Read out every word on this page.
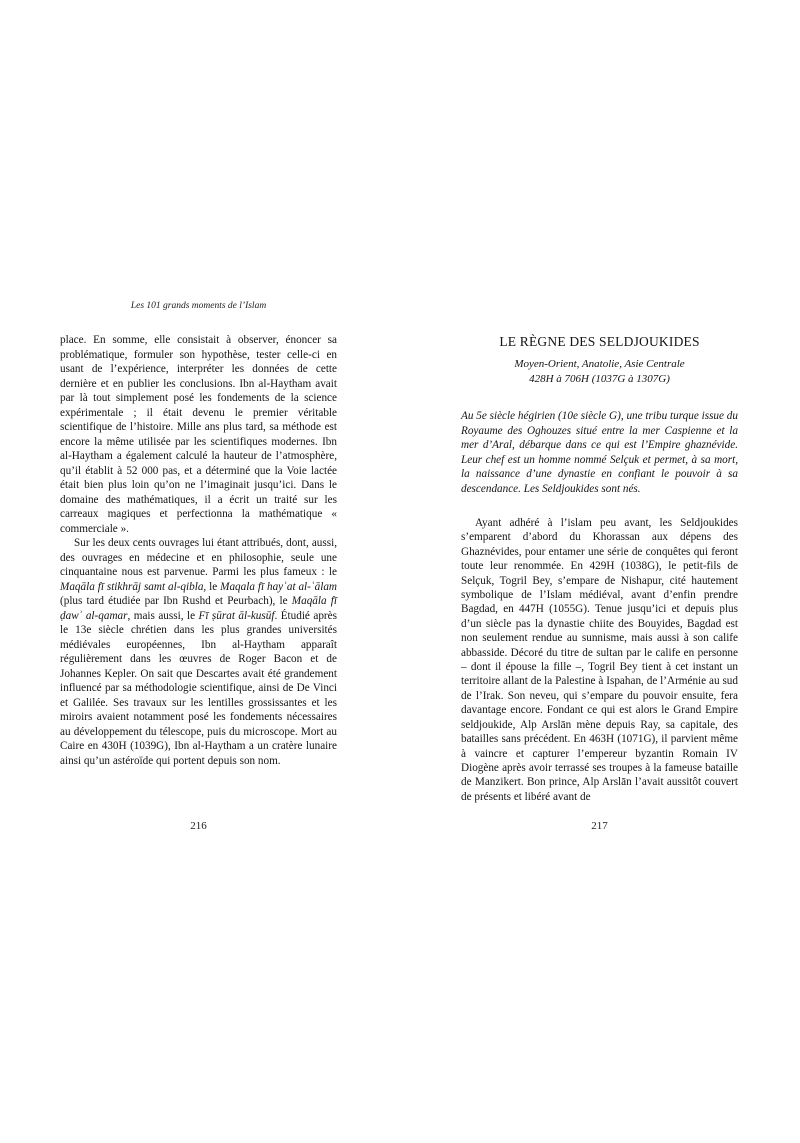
Les 101 grands moments de l’Islam

place. En somme, elle consistait à observer, énoncer sa problématique, formuler son hypothèse, tester celle-ci en usant de l’expérience, interpréter les données de cette dernière et en publier les conclusions. Ibn al-Haytham avait par là tout simplement posé les fondements de la science expérimentale ; il était devenu le premier véritable scientifique de l’histoire. Mille ans plus tard, sa méthode est encore la même utilisée par les scientifiques modernes. Ibn al-Haytham a également calculé la hauteur de l’atmosphère, qu’il établit à 52 000 pas, et a déterminé que la Voie lactée était bien plus loin qu’on ne l’imaginait jusqu’ici. Dans le domaine des mathématiques, il a écrit un traité sur les carreaux magiques et perfectionna la mathématique « commerciale ».

Sur les deux cents ouvrages lui étant attribués, dont, aussi, des ouvrages en médecine et en philosophie, seule une cinquantaine nous est parvenue. Parmi les plus fameux : le Maqāla fī stikhrāj samt al-qibla, le Maqala fī hayʿat al-ʿālam (plus tard étudiée par Ibn Rushd et Peurbach), le Maqāla fī ḍawʾ al-qamar, mais aussi, le Fī ṣūrat āl-kusūf. Étudié après le 13e siècle chrétien dans les plus grandes universités médiévales européennes, Ibn al-Haytham apparaît régulièrement dans les œuvres de Roger Bacon et de Johannes Kepler. On sait que Descartes avait été grandement influencé par sa méthodologie scientifique, ainsi de De Vinci et Galilée. Ses travaux sur les lentilles grossissantes et les miroirs avaient notamment posé les fondements nécessaires au développement du télescope, puis du microscope. Mort au Caire en 430H (1039G), Ibn al-Haytham a un cratère lunaire ainsi qu’un astéroïde qui portent depuis son nom.

216
LE RÈGNE DES SELDJOUKIDES
Moyen-Orient, Anatolie, Asie Centrale
428H à 706H (1037G à 1307G)
Au 5e siècle hégirien (10e siècle G), une tribu turque issue du Royaume des Oghouzes situé entre la mer Caspienne et la mer d’Aral, débarque dans ce qui est l’Empire ghaznévide. Leur chef est un homme nommé Selçuk et permet, à sa mort, la naissance d’une dynastie en confiant le pouvoir à sa descendance. Les Seldjoukides sont nés.

Ayant adhéré à l’islam peu avant, les Seldjoukides s’emparent d’abord du Khorassan aux dépens des Ghaznévides, pour entamer une série de conquêtes qui feront toute leur renommée. En 429H (1038G), le petit-fils de Selçuk, Togril Bey, s’empare de Nishapur, cité hautement symbolique de l’Islam médiéval, avant d’enfin prendre Bagdad, en 447H (1055G). Tenue jusqu’ici et depuis plus d’un siècle pas la dynastie chiite des Bouyides, Bagdad est non seulement rendue au sunnisme, mais aussi à son calife abbasside. Décoré du titre de sultan par le calife en personne – dont il épouse la fille –, Togril Bey tient à cet instant un territoire allant de la Palestine à Ispahan, de l’Arménie au sud de l’Irak. Son neveu, qui s’empare du pouvoir ensuite, fera davantage encore. Fondant ce qui est alors le Grand Empire seldjoukide, Alp Arslān mène depuis Ray, sa capitale, des batailles sans précédent. En 463H (1071G), il parvient même à vaincre et capturer l’empereur byzantin Romain IV Diogène après avoir terrassé ses troupes à la fameuse bataille de Manzikert. Bon prince, Alp Arslān l’avait aussitôt couvert de présents et libéré avant de

217
